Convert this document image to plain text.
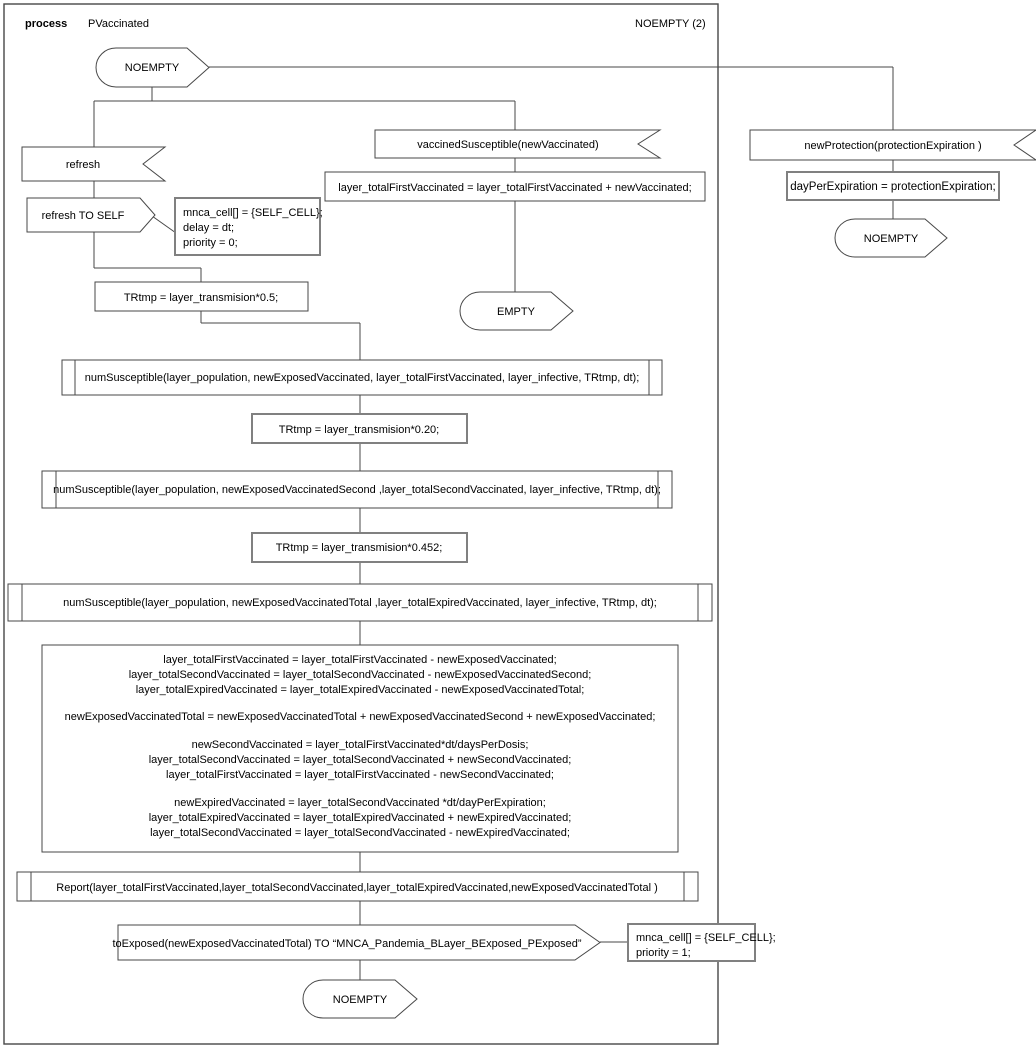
process PVaccinated	NOEMPTY (2)
NOEMPTY
refresh
refresh TO SELF	mnca_cell[] = {SELF_CELL};
delay = dt;
priority = 0;
vaccinedSusceptible(newVaccinated)
layer_totalFirstVaccinated = layer_totalFirstVaccinated + newVaccinated;
EMPTY
newProtection(protectionExpiration )
dayPerExpiration = protectionExpiration;
NOEMPTY
TRtmp = layer_transmision*0.5;
numSusceptible(layer_population, newExposedVaccinated, layer_totalFirstVaccinated, layer_infective, TRtmp, dt);
TRtmp = layer_transmision*0.20;
numSusceptible(layer_population, newExposedVaccinatedSecond ,layer_totalSecondVaccinated, layer_infective, TRtmp, dt);
TRtmp = layer_transmision*0.452;
numSusceptible(layer_population, newExposedVaccinatedTotal ,layer_totalExpiredVaccinated, layer_infective, TRtmp, dt);
layer_totalFirstVaccinated = layer_totalFirstVaccinated - newExposedVaccinated;
layer_totalSecondVaccinated = layer_totalSecondVaccinated - newExposedVaccinatedSecond;
layer_totalExpiredVaccinated = layer_totalExpiredVaccinated - newExposedVaccinatedTotal;
newExposedVaccinatedTotal = newExposedVaccinatedTotal + newExposedVaccinatedSecond + newExposedVaccinated;
newSecondVaccinated = layer_totalFirstVaccinated*dt/daysPerDosis;
layer_totalSecondVaccinated = layer_totalSecondVaccinated + newSecondVaccinated;
layer_totalFirstVaccinated = layer_totalFirstVaccinated - newSecondVaccinated;
newExpiredVaccinated = layer_totalSecondVaccinated *dt/dayPerExpiration;
layer_totalExpiredVaccinated = layer_totalExpiredVaccinated + newExpiredVaccinated;
layer_totalSecondVaccinated = layer_totalSecondVaccinated - newExpiredVaccinated;
Report(layer_totalFirstVaccinated,layer_totalSecondVaccinated,layer_totalExpiredVaccinated,newExposedVaccinatedTotal )
toExposed(newExposedVaccinatedTotal) TO “MNCA_Pandemia_BLayer_BExposed_PExposed”	mnca_cell[] = {SELF_CELL};
priority = 1;
NOEMPTY
